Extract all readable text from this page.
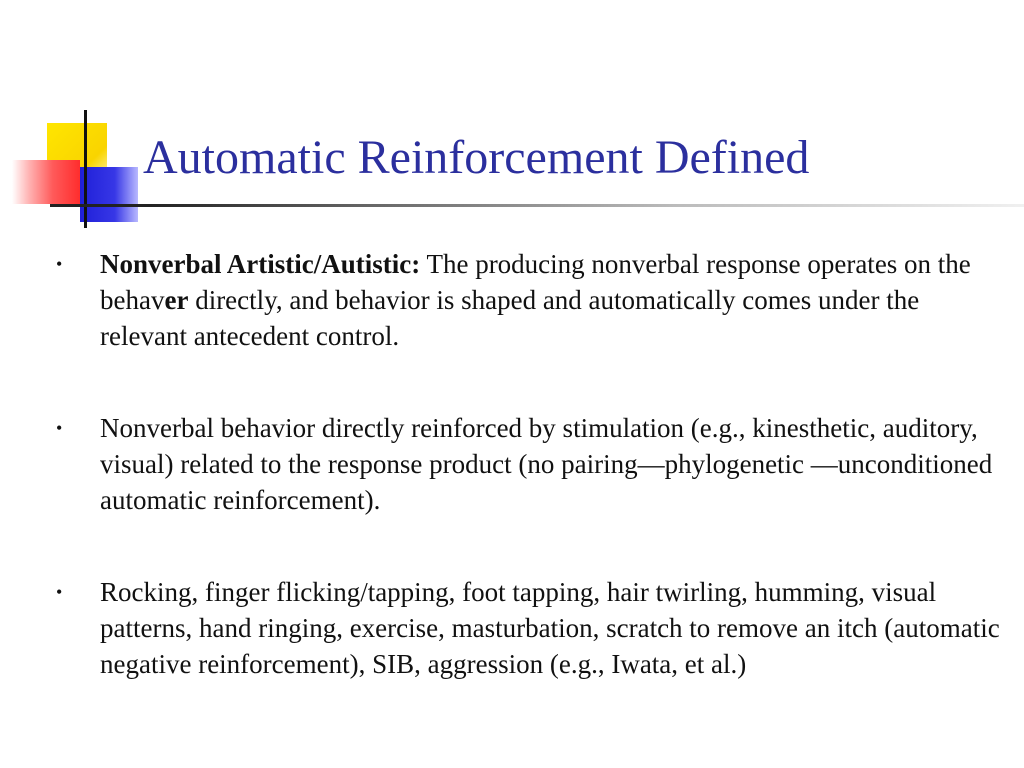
Automatic Reinforcement Defined
• Nonverbal Artistic/Autistic: The producing nonverbal response operates on the behaver directly, and behavior is shaped and automatically comes under the relevant antecedent control.
• Nonverbal behavior directly reinforced by stimulation (e.g., kinesthetic, auditory, visual) related to the response product (no pairing—phylogenetic —unconditioned automatic reinforcement).
• Rocking, finger flicking/tapping, foot tapping, hair twirling, humming, visual patterns, hand ringing, exercise, masturbation, scratch to remove an itch (automatic negative reinforcement), SIB, aggression (e.g., Iwata, et al.)
